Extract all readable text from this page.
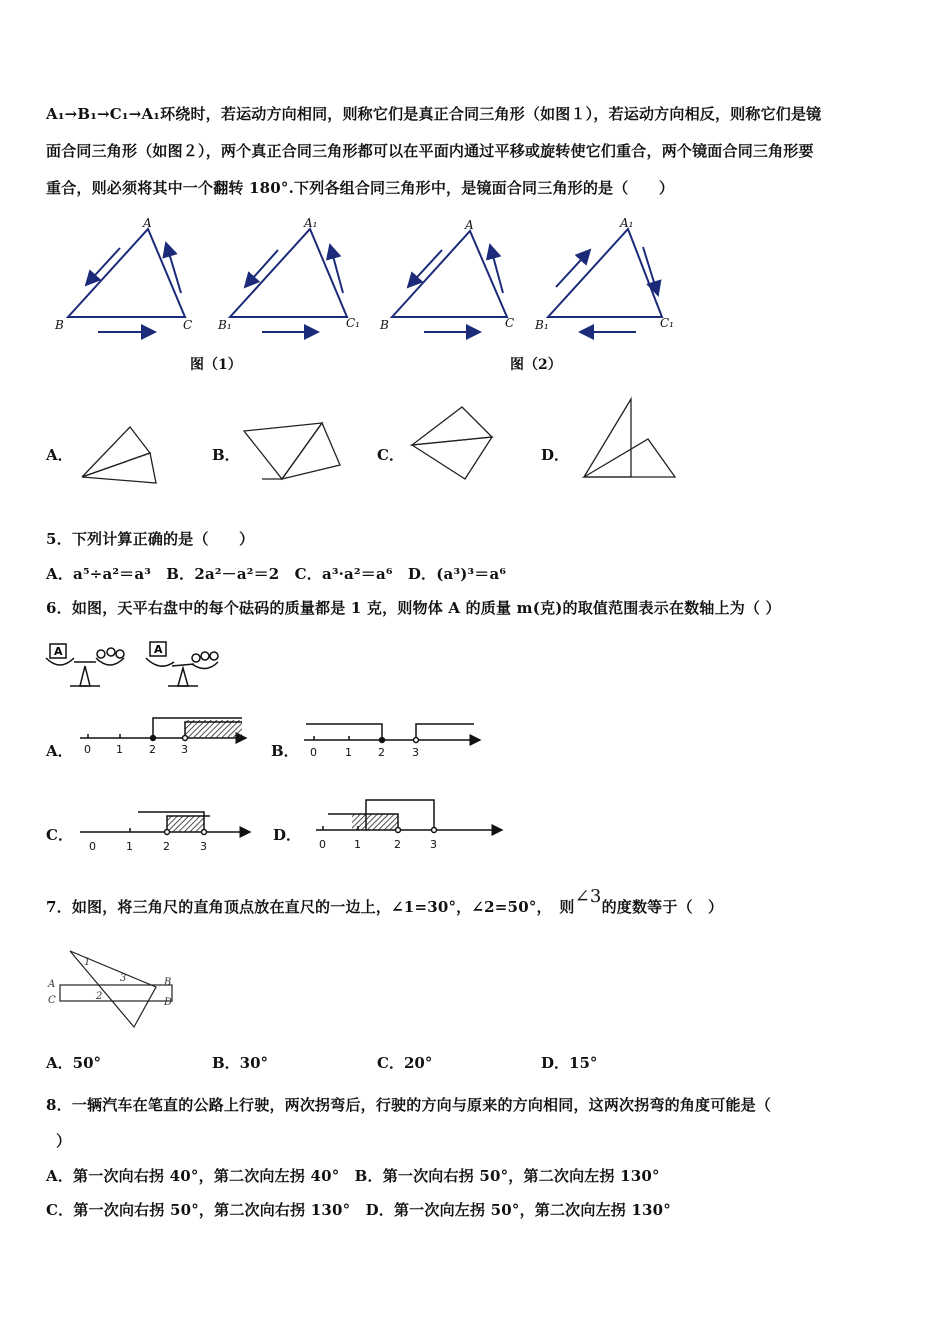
A₁→B₁→C₁→A₁环绕时，若运动方向相同，则称它们是真正合同三角形（如图１），若运动方向相反，则称它们是镜
面合同三角形（如图２），两个真正合同三角形都可以在平面内通过平移或旋转使它们重合，两个镜面合同三角形要
重合，则必须将其中一个翻转 180°.下列各组合同三角形中，是镜面合同三角形的是（　　）
A
B	C
A₁
B₁	C₁
A
B	C
A₁
B₁	C₁
图（1）	图（2）
A．	B．	C．	D．
5．下列计算正确的是（　　）
A．a⁵÷a²＝a³　B．2a²－a²＝2　C．a³·a²＝a⁶　D．(a³)³＝a⁶
6．如图，天平右盘中的每个砝码的质量都是 1 克，则物体 A 的质量 m(克)的取值范围表示在数轴上为（ ）
A	A
A．	B．
C．	D．
0 1 2 3	0	1 2 3
0	1	2	3	0	1	2	3
7．如图，将三角尺的直角顶点放在直尺的一边上，∠1=30°，∠2=50°，　则∠3的度数等于（　）
A
C
B
D
1
2
3
A．50°	B．30°	C．20°	D．15°
8．一辆汽车在笔直的公路上行驶，两次拐弯后，行驶的方向与原来的方向相同，这两次拐弯的角度可能是（
）
A．第一次向右拐 40°，第二次向左拐 40°　B．第一次向右拐 50°，第二次向左拐 130°
C．第一次向右拐 50°，第二次向右拐 130°　D．第一次向左拐 50°，第二次向左拐 130°
